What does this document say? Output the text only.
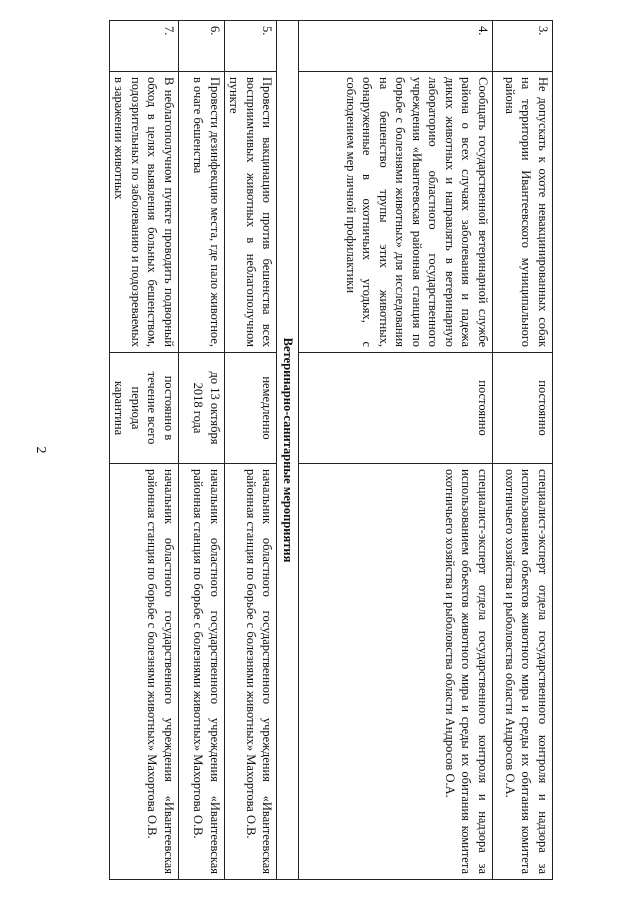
2
3.	Не допускать к охоте невакцинированных собак на территории Ивантеевского муниципального района	постоянно	специалист-эксперт отдела государственного контроля и надзора за использованием объектов животного мира и среды их обитания комитета охотничьего хозяйства и рыболовства области Андросов О.А.
4.	Сообщать государственной ветеринарной службе района о всех случаях заболевания и падежа диких животных и направлять в ветеринарную лабораторию областного государственного учреждения «Ивантеевская районная станция по борьбе с болезнями животных» для исследования на бешенство трупы этих животных, обнаруженные в охотничьих угодьях, с соблюдением мер личной профилактики	постоянно	специалист-эксперт отдела государственного контроля и надзора за использованием объектов животного мира и среды их обитания комитета охотничьего хозяйства и рыболовства области Андросов О.А.
Ветеринарно-санитарные мероприятия			
5.	Провести вакцинацию против бешенства всех восприимчивых животных в неблагополучном пункте	немедленно	начальник областного государственного учреждения «Ивантеевская районная станция по борьбе с болезнями животных» Махортова О.В.
6.	Провести дезинфекцию места, где пало животное, в очаге бешенства	до 13 октября 2018 года	начальник областного государственного учреждения «Ивантеевская районная станция по борьбе с болезнями животных» Махортова О.В.
7.	В неблагополучном пункте проводить подворный обход в целях выявления больных бешенством, подозрительных по заболеванию и подозреваемых в заражении животных	постоянно в течение всего периода карантина	начальник областного государственного учреждения «Ивантеевская районная станция по борьбе с болезнями животных» Махортова О.В.
